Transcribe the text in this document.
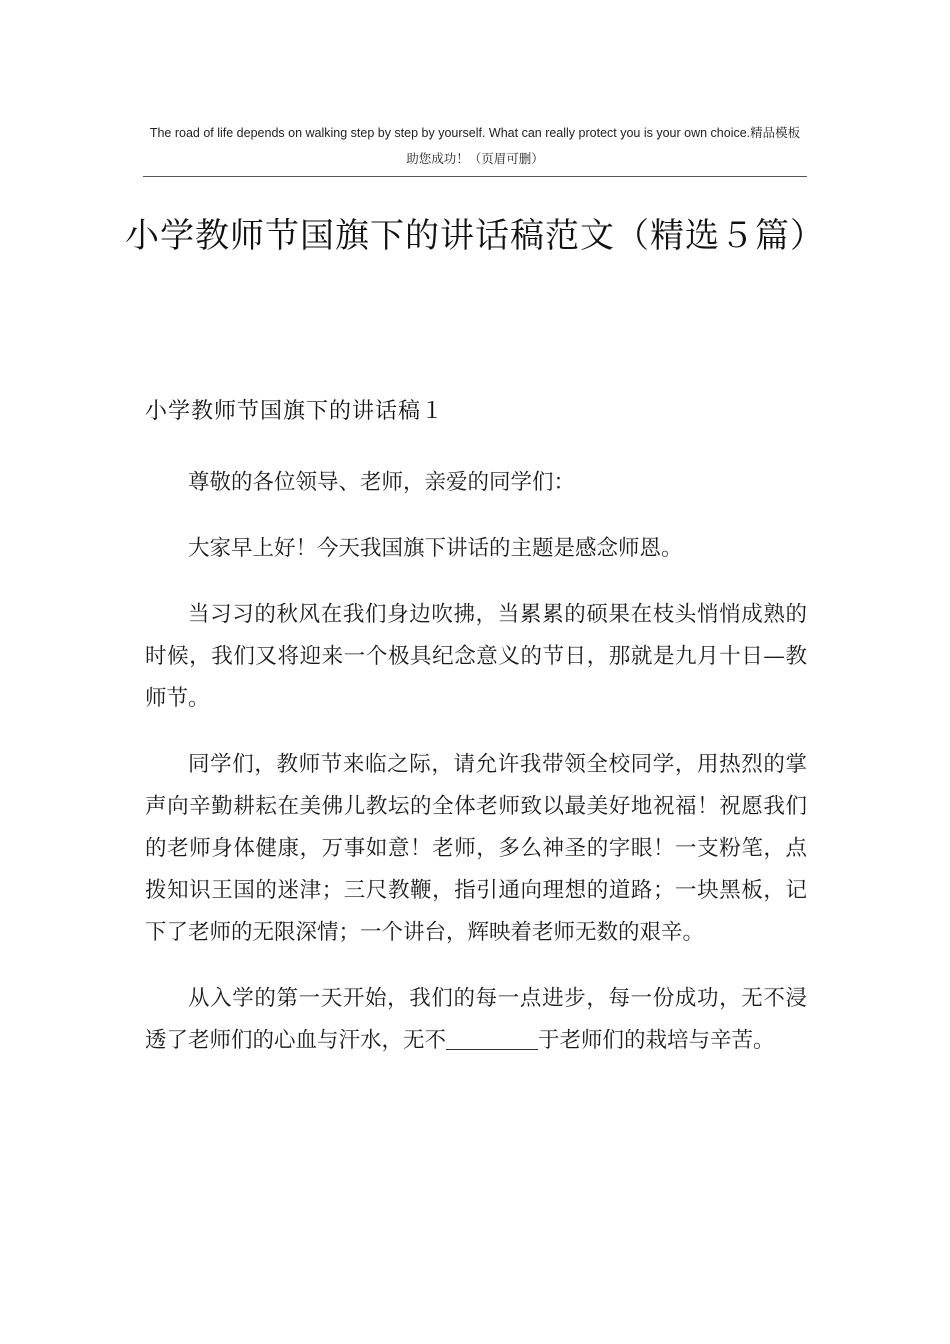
The road of life depends on walking step by step by yourself. What can really protect you is your own choice.精品模板　助您成功！（页眉可删）
小学教师节国旗下的讲话稿范文（精选５篇）
小学教师节国旗下的讲话稿１

尊敬的各位领导、老师，亲爱的同学们：

大家早上好！今天我国旗下讲话的主题是感念师恩。

当习习的秋风在我们身边吹拂，当累累的硕果在枝头悄悄成熟的时候，我们又将迎来一个极具纪念意义的节日，那就是九月十日—教师节。

同学们，教师节来临之际，请允许我带领全校同学，用热烈的掌声向辛勤耕耘在美佛儿教坛的全体老师致以最美好地祝福！祝愿我们的老师身体健康，万事如意！老师，多么神圣的字眼！一支粉笔，点拨知识王国的迷津；三尺教鞭，指引通向理想的道路；一块黑板，记下了老师的无限深情；一个讲台，辉映着老师无数的艰辛。

从入学的第一天开始，我们的每一点进步，每一份成功，无不浸透了老师们的心血与汗水，无不	于老师们的栽培与辛苦。
